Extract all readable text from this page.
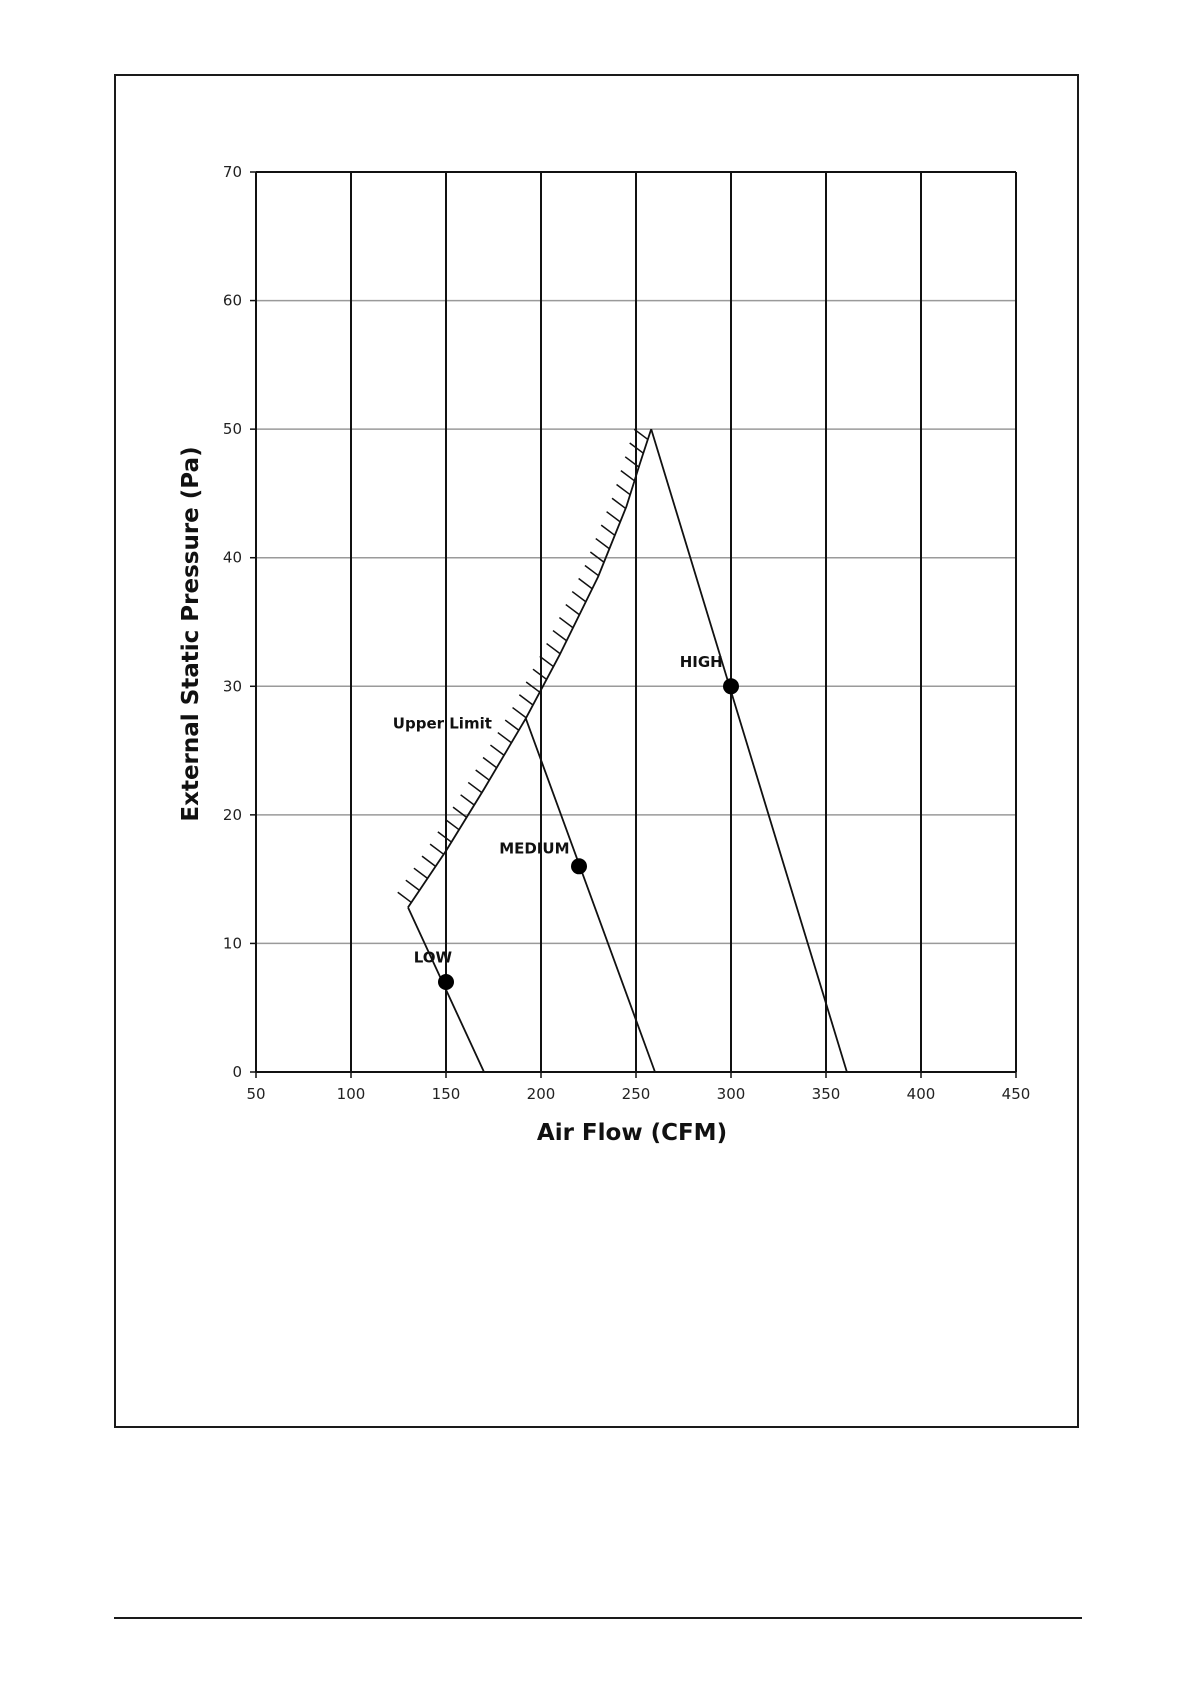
50	100	150	200	250	300	350	400	450
0
10
20
30
40
50
60
70
LOW
MEDIUM
HIGH
Upper Limit
Air Flow (CFM)
External Static Pressure (Pa)
